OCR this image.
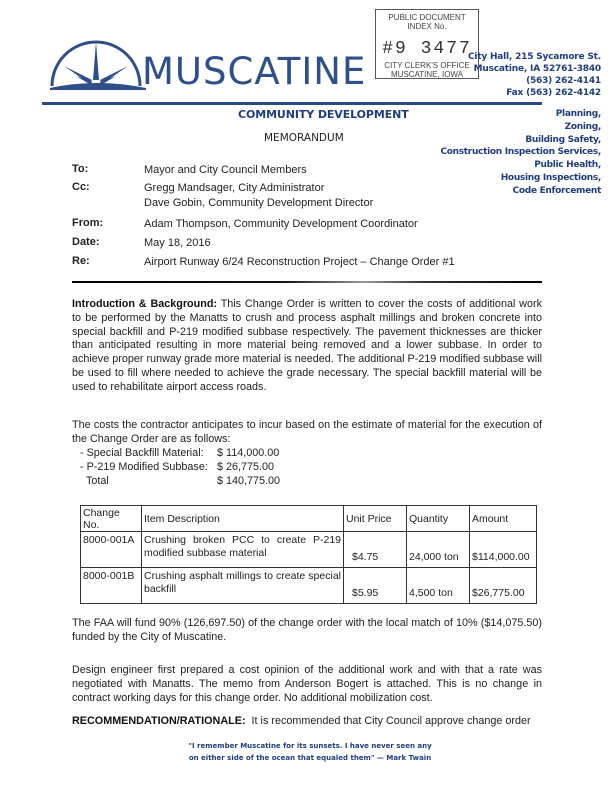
MUSCATINE
PUBLIC DOCUMENT
INDEX No.
#9 3477
CITY CLERK'S OFFICE
MUSCATINE, IOWA
City Hall, 215 Sycamore St.
Muscatine, IA 52761-3840
(563) 262-4141
Fax (563) 262-4142
COMMUNITY DEVELOPMENT
MEMORANDUM
Planning,
Zoning,
Building Safety,
Construction Inspection Services,
Public Health,
Housing Inspections,
Code Enforcement
To:	Mayor and City Council Members
Cc:	Gregg Mandsager, City Administrator
Dave Gobin, Community Development Director
From:	Adam Thompson, Community Development Coordinator
Date:	May 18, 2016
Re:	Airport Runway 6/24 Reconstruction Project – Change Order #1
Introduction & Background: This Change Order is written to cover the costs of additional work to be performed by the Manatts to crush and process asphalt millings and broken concrete into special backfill and P-219 modified subbase respectively. The pavement thicknesses are thicker than anticipated resulting in more material being removed and a lower subbase. In order to achieve proper runway grade more material is needed. The additional P-219 modified subbase will be used to fill where needed to achieve the grade necessary. The special backfill material will be used to rehabilitate airport access roads.
The costs the contractor anticipates to incur based on the estimate of material for the execution of the Change Order are as follows:
- Special Backfill Material:	$ 114,000.00
- P-219 Modified Subbase: $ 26,775.00
Total	$ 140,775.00
Change No.	Item Description	Unit Price	Quantity	Amount
8000-001A	Crushing broken PCC to create P-219 modified subbase material	$4.75	24,000 ton	$114,000.00
8000-001B	Crushing asphalt millings to create special backfill	$5.95	4,500 ton	$26,775.00
The FAA will fund 90% (126,697.50) of the change order with the local match of 10% ($14,075.50) funded by the City of Muscatine.
Design engineer first prepared a cost opinion of the additional work and with that a rate was negotiated with Manatts. The memo from Anderson Bogert is attached. This is no change in contract working days for this change order. No additional mobilization cost.
RECOMMENDATION/RATIONALE: It is recommended that City Council approve change order
"I remember Muscatine for its sunsets. I have never seen any
on either side of the ocean that equaled them" — Mark Twain
